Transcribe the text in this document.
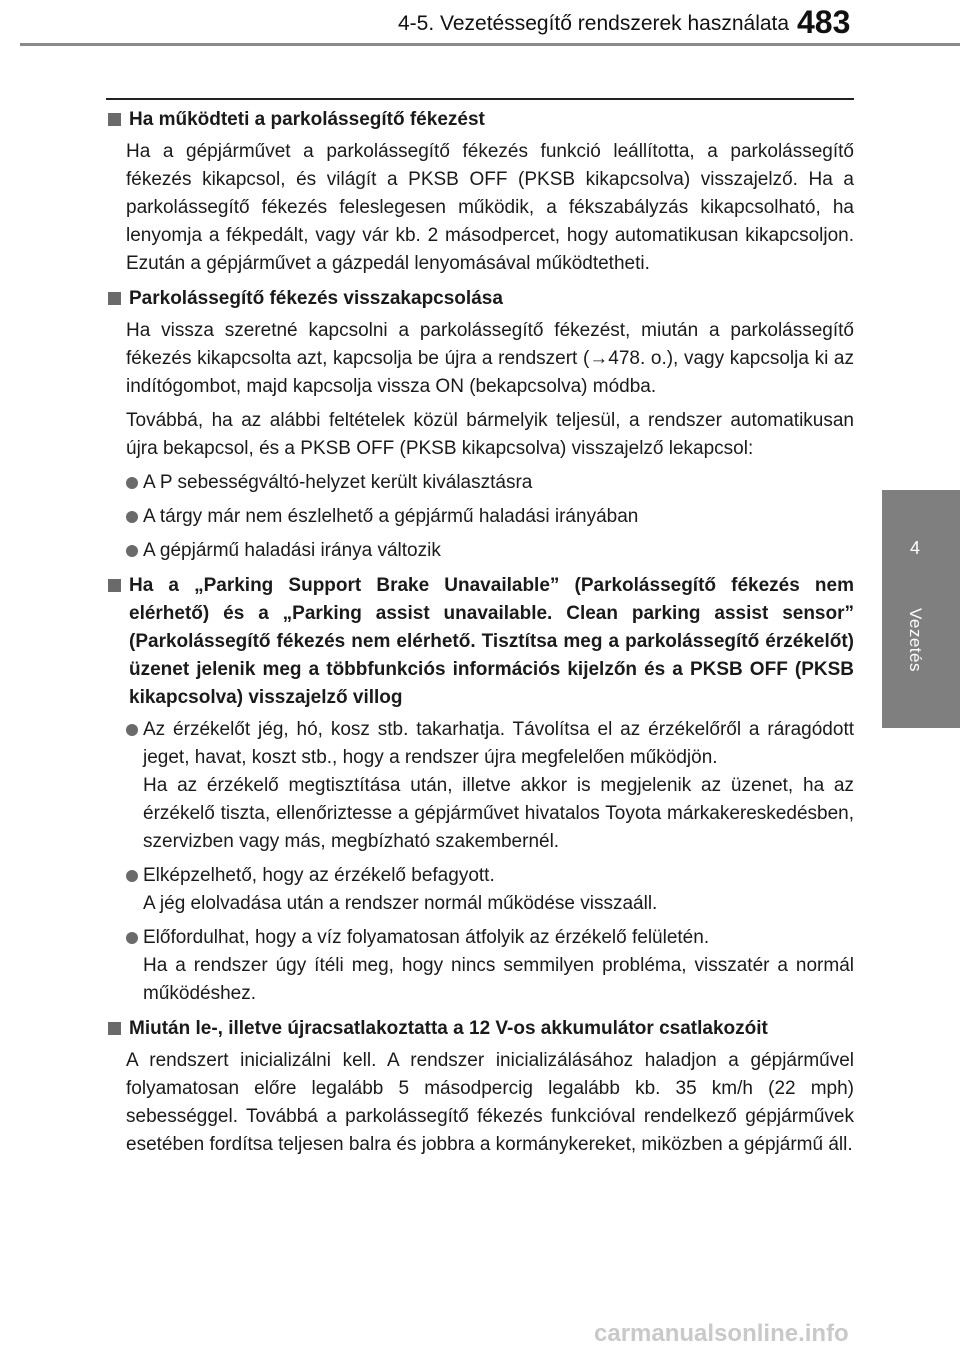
4-5. Vezetéssegítő rendszerek használata 483
4
Vezetés
Ha működteti a parkolássegítő fékezést
Ha a gépjárművet a parkolássegítő fékezés funkció leállította, a parkolássegítő fékezés kikapcsol, és világít a PKSB OFF (PKSB kikapcsolva) visszajelző. Ha a parkolássegítő fékezés feleslegesen működik, a fékszabályzás kikapcsolható, ha lenyomja a fékpedált, vagy vár kb. 2 másodpercet, hogy automatikusan kikapcsoljon. Ezután a gépjárművet a gázpedál lenyomásával működtetheti.
Parkolássegítő fékezés visszakapcsolása
Ha vissza szeretné kapcsolni a parkolássegítő fékezést, miután a parkolássegítő fékezés kikapcsolta azt, kapcsolja be újra a rendszert (→478. o.), vagy kapcsolja ki az indítógombot, majd kapcsolja vissza ON (bekapcsolva) módba.
Továbbá, ha az alábbi feltételek közül bármelyik teljesül, a rendszer automatikusan újra bekapcsol, és a PKSB OFF (PKSB kikapcsolva) visszajelző lekapcsol:
A P sebességváltó-helyzet került kiválasztásra
A tárgy már nem észlelhető a gépjármű haladási irányában
A gépjármű haladási iránya változik
Ha a „Parking Support Brake Unavailable” (Parkolássegítő fékezés nem elérhető) és a „Parking assist unavailable. Clean parking assist sensor” (Parkolássegítő fékezés nem elérhető. Tisztítsa meg a parkolássegítő érzékelőt) üzenet jelenik meg a többfunkciós információs kijelzőn és a PKSB OFF (PKSB kikapcsolva) visszajelző villog
Az érzékelőt jég, hó, kosz stb. takarhatja. Távolítsa el az érzékelőről a ráragódott jeget, havat, koszt stb., hogy a rendszer újra megfelelően működjön.
Ha az érzékelő megtisztítása után, illetve akkor is megjelenik az üzenet, ha az érzékelő tiszta, ellenőriztesse a gépjárművet hivatalos Toyota márkakereskedésben, szervizben vagy más, megbízható szakembernél.
Elképzelhető, hogy az érzékelő befagyott.
A jég elolvadása után a rendszer normál működése visszaáll.
Előfordulhat, hogy a víz folyamatosan átfolyik az érzékelő felületén.
Ha a rendszer úgy ítéli meg, hogy nincs semmilyen probléma, visszatér a normál működéshez.
Miután le-, illetve újracsatlakoztatta a 12 V-os akkumulátor csatlakozóit
A rendszert inicializálni kell. A rendszer inicializálásához haladjon a gépjárművel folyamatosan előre legalább 5 másodpercig legalább kb. 35 km/h (22 mph) sebességgel. Továbbá a parkolássegítő fékezés funkcióval rendelkező gépjárművek esetében fordítsa teljesen balra és jobbra a kormánykereket, miközben a gépjármű áll.
carmanualsonline.info
